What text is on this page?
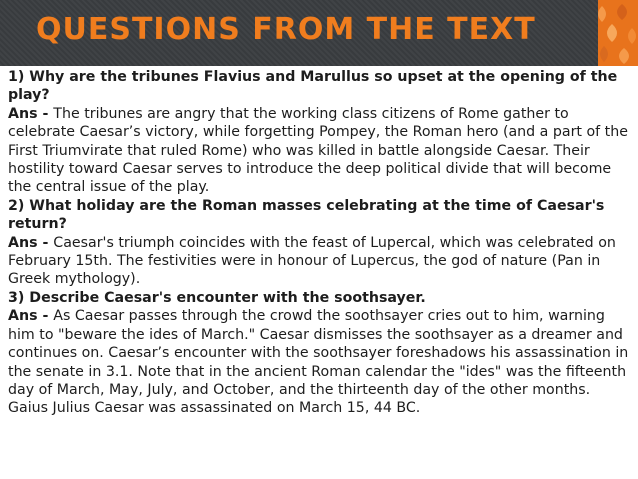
QUESTIONS FROM THE TEXT

1) Why are the tribunes Flavius and Marullus so upset at the opening of the play?

Ans - The tribunes are angry that the working class citizens of Rome gather to celebrate Caesar’s victory, while forgetting Pompey, the Roman hero (and a part of the First Triumvirate that ruled Rome) who was killed in battle alongside Caesar. Their hostility toward Caesar serves to introduce the deep political divide that will become the central issue of the play.

2) What holiday are the Roman masses celebrating at the time of Caesar's return?

Ans - Caesar's triumph coincides with the feast of Lupercal, which was celebrated on February 15th. The festivities were in honour of Lupercus, the god of nature (Pan in Greek mythology).

3) Describe Caesar's encounter with the soothsayer.

Ans - As Caesar passes through the crowd the soothsayer cries out to him, warning him to "beware the ides of March." Caesar dismisses the soothsayer as a dreamer and continues on. Caesar’s encounter with the soothsayer foreshadows his assassination in the senate in 3.1. Note that in the ancient Roman calendar the "ides" was the fifteenth day of March, May, July, and October, and the thirteenth day of the other months. Gaius Julius Caesar was assassinated on March 15, 44 BC.
